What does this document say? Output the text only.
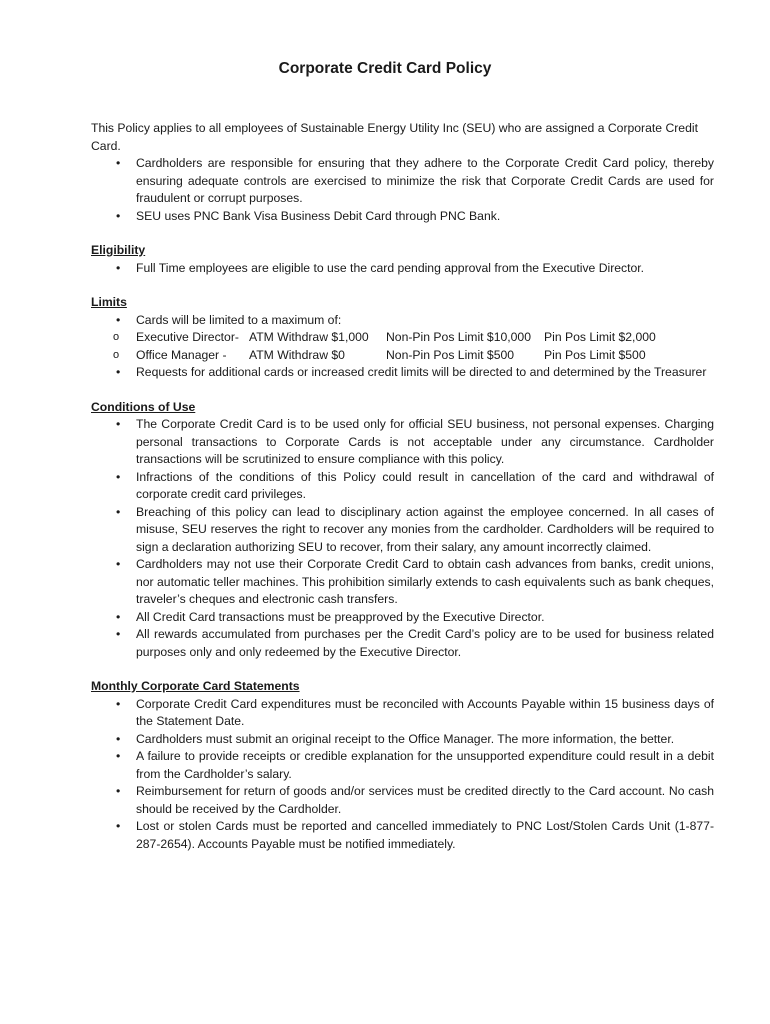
Corporate Credit Card Policy

This Policy applies to all employees of Sustainable Energy Utility Inc (SEU) who are assigned a Corporate Credit Card.

• Cardholders are responsible for ensuring that they adhere to the Corporate Credit Card policy, thereby ensuring adequate controls are exercised to minimize the risk that Corporate Credit Cards are used for fraudulent or corrupt purposes.
• SEU uses PNC Bank Visa Business Debit Card through PNC Bank.

Eligibility

• Full Time employees are eligible to use the card pending approval from the Executive Director.

Limits

• Cards will be limited to a maximum of:
o Executive Director- ATM Withdraw $1,000 Non-Pin Pos Limit $10,000 Pin Pos Limit $2,000
o Office Manager - ATM Withdraw $0	Non-Pin Pos Limit $500 Pin Pos Limit $500
• Requests for additional cards or increased credit limits will be directed to and determined by the Treasurer

Conditions of Use

• The Corporate Credit Card is to be used only for official SEU business, not personal expenses. Charging personal transactions to Corporate Cards is not acceptable under any circumstance. Cardholder transactions will be scrutinized to ensure compliance with this policy.
• Infractions of the conditions of this Policy could result in cancellation of the card and withdrawal of corporate credit card privileges.
• Breaching of this policy can lead to disciplinary action against the employee concerned. In all cases of misuse, SEU reserves the right to recover any monies from the cardholder. Cardholders will be required to sign a declaration authorizing SEU to recover, from their salary, any amount incorrectly claimed.
• Cardholders may not use their Corporate Credit Card to obtain cash advances from banks, credit unions, nor automatic teller machines. This prohibition similarly extends to cash equivalents such as bank cheques, traveler’s cheques and electronic cash transfers.
• All Credit Card transactions must be preapproved by the Executive Director.
• All rewards accumulated from purchases per the Credit Card’s policy are to be used for business related purposes only and only redeemed by the Executive Director.

Monthly Corporate Card Statements

• Corporate Credit Card expenditures must be reconciled with Accounts Payable within 15 business days of the Statement Date.
• Cardholders must submit an original receipt to the Office Manager. The more information, the better.
• A failure to provide receipts or credible explanation for the unsupported expenditure could result in a debit from the Cardholder’s salary.
• Reimbursement for return of goods and/or services must be credited directly to the Card account. No cash should be received by the Cardholder.
• Lost or stolen Cards must be reported and cancelled immediately to PNC Lost/Stolen Cards Unit (1-877-287-2654). Accounts Payable must be notified immediately.
